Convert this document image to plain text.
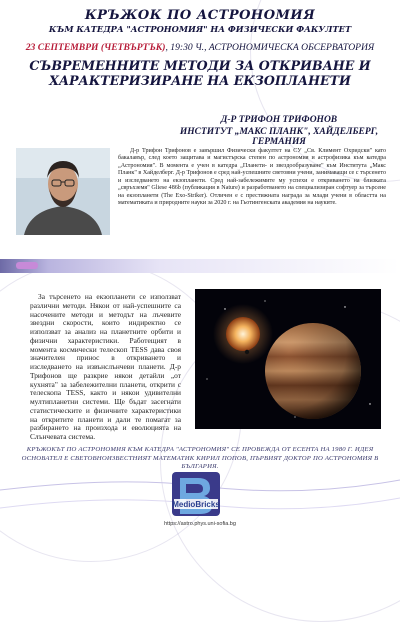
КРЪЖОК ПО АСТРОНОМИЯ
КЪМ КАТЕДРА "АСТРОНОМИЯ" НА ФИЗИЧЕСКИ ФАКУЛТЕТ
23 СЕПТЕМВРИ (ЧЕТВЪРТЪК), 19:30 Ч., АСТРОНОМИЧЕСКА ОБСЕРВАТОРИЯ
СЪВРЕМЕННИТЕ МЕТОДИ ЗА ОТКРИВАНЕ И
ХАРАКТЕРИЗИРАНЕ НА ЕКЗОПЛАНЕТИ
Д-Р ТРИФОН ТРИФОНОВ
ИНСТИТУТ „МАКС ПЛАНК", ХАЙДЕЛБЕРГ, ГЕРМАНИЯ
Д-р Трифон Трифонов е завършил Физически факултет на СУ „Св. Климент Охридски" като бакалавър, след което защитава и магистърска степен по астрономия и астрофизика към катедра „Астрономия". В момента е учен в катедра „Планети- и звездообразуване" към Института „Макс Планк" в Хайделберг. Д-р Трифонов е сред най-успешните световни учени, занимаващи се с търсенето и изследването на екзопланети. Сред най-забележимите му успехи е откриването на близката „свръхземя" Gliese 486b (публикация в Nature) и разработването на специализиран софтуер за търсене на екзопланети (The Exo-Striker). Отличен е с престижната награда за млади учени в областта на математиката и природните науки за 2020 г. на Гьотингенската академия на науките.
За търсенето на екзопланети се използват различни методи. Някои от най-успешните са насочените методи и методът на лъчевите звездни скорости, които индиректно се използват за анализ на планетните орбити и физични характеристики. Работещият в момента космически телескоп TESS дава своя значителен принос в откриването и изследването на извънслънчеви планети. Д-р Трифонов ще разкрие някои детайли „от кухнята" за забележителни планети, открити с телескопа TESS, както и някои удивителни мултипланетни системи. Ще бъдат засегнати статистическите и физичните характеристики на откритите планети и дали те помагат за разбирането на произхода и еволюцията на Слънчевата система.
КРЪЖОКЪТ ПО АСТРОНОМИЯ КЪМ КАТЕДРА "АСТРОНОМИЯ" СЕ ПРОВЕЖДА ОТ ЕСЕНТА НА 1980 Г. ИДЕЯ ОСНОВАТЕЛ Е СВЕТОВНОИЗВЕСТНИЯТ МАТЕМАТИК КИРИЛ ПОПОВ, ПЪРВИЯТ ДОКТОР ПО АСТРОНОМИЯ В БЪЛГАРИЯ.
MedioBricks
https://astro.phys.uni-sofia.bg
